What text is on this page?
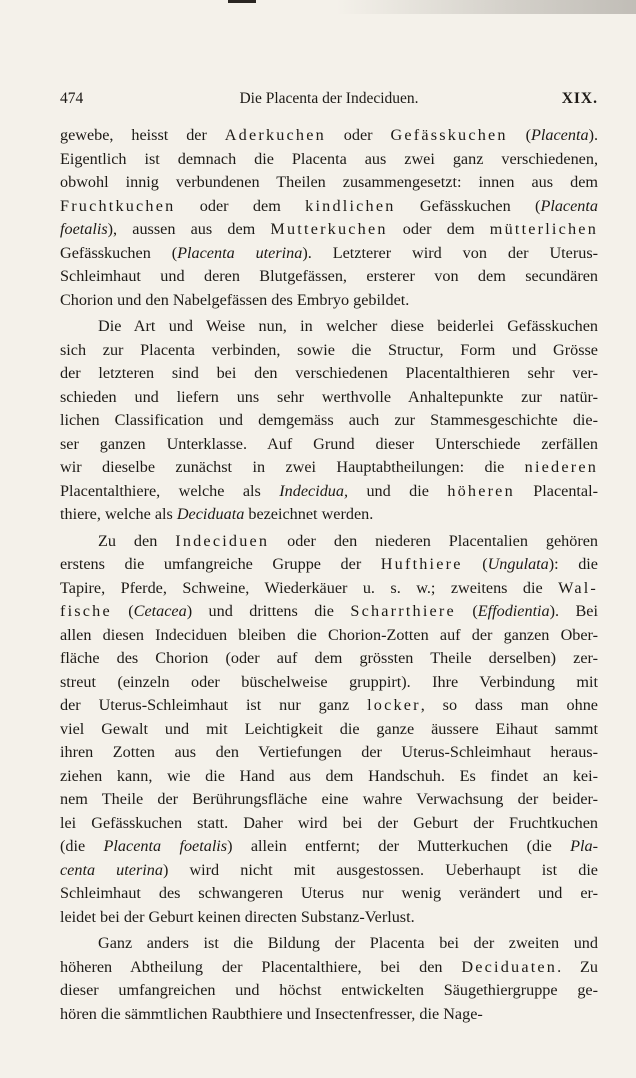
474	Die Placenta der Indeciduen.	XIX.
gewebe, heisst der Aderkuchen oder Gefässkuchen (Placenta).
Eigentlich ist demnach die Placenta aus zwei ganz verschiedenen,
obwohl innig verbundenen Theilen zusammengesetzt: innen aus dem
Fruchtkuchen oder dem kindlichen Gefässkuchen (Placenta
foetalis), aussen aus dem Mutterkuchen oder dem mütterlichen
Gefässkuchen (Placenta uterina). Letzterer wird von der Uterus-
Schleimhaut und deren Blutgefässen, ersterer von dem secundären
Chorion und den Nabelgefässen des Embryo gebildet.
Die Art und Weise nun, in welcher diese beiderlei Gefässkuchen
sich zur Placenta verbinden, sowie die Structur, Form und Grösse
der letzteren sind bei den verschiedenen Placentalthieren sehr ver-
schieden und liefern uns sehr werthvolle Anhaltepunkte zur natür-
lichen Classification und demgemäss auch zur Stammesgeschichte die-
ser ganzen Unterklasse. Auf Grund dieser Unterschiede zerfällen
wir dieselbe zunächst in zwei Hauptabtheilungen: die niederen
Placentalthiere, welche als Indecidua, und die höheren Placental-
thiere, welche als Deciduata bezeichnet werden.
Zu den Indeciduen oder den niederen Placentalien gehören
erstens die umfangreiche Gruppe der Hufthiere (Ungulata): die
Tapire, Pferde, Schweine, Wiederkäuer u. s. w.; zweitens die Wal-
fische (Cetacea) und drittens die Scharrthiere (Effodientia). Bei
allen diesen Indeciduen bleiben die Chorion-Zotten auf der ganzen Ober-
fläche des Chorion (oder auf dem grössten Theile derselben) zer-
streut (einzeln oder büschelweise gruppirt). Ihre Verbindung mit
der Uterus-Schleimhaut ist nur ganz locker, so dass man ohne
viel Gewalt und mit Leichtigkeit die ganze äussere Eihaut sammt
ihren Zotten aus den Vertiefungen der Uterus-Schleimhaut heraus-
ziehen kann, wie die Hand aus dem Handschuh. Es findet an kei-
nem Theile der Berührungsfläche eine wahre Verwachsung der beider-
lei Gefässkuchen statt. Daher wird bei der Geburt der Fruchtkuchen
(die Placenta foetalis) allein entfernt; der Mutterkuchen (die Pla-
centa uterina) wird nicht mit ausgestossen. Ueberhaupt ist die
Schleimhaut des schwangeren Uterus nur wenig verändert und er-
leidet bei der Geburt keinen directen Substanz-Verlust.
Ganz anders ist die Bildung der Placenta bei der zweiten und
höheren Abtheilung der Placentalthiere, bei den Deciduaten. Zu
dieser umfangreichen und höchst entwickelten Säugethiergruppe ge-
hören die sämmtlichen Raubthiere und Insectenfresser, die Nage-
